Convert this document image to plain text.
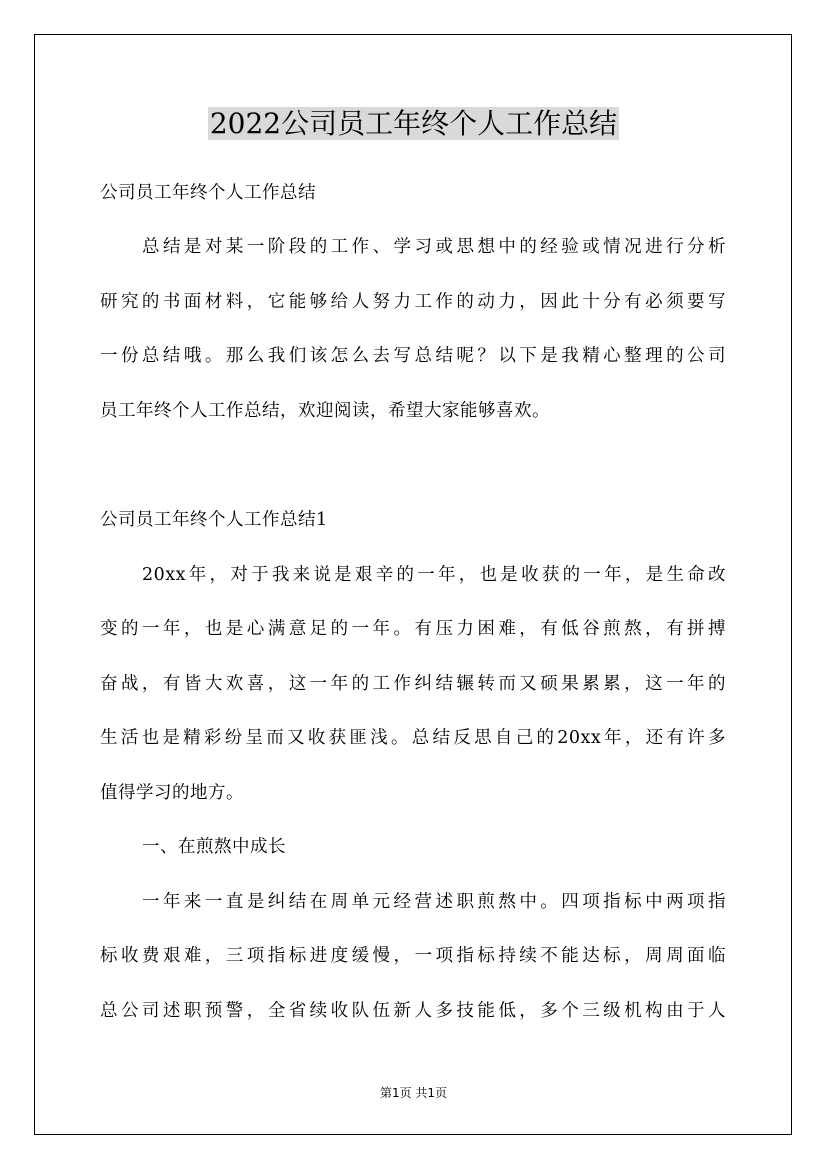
2022公司员工年终个人工作总结
公司员工年终个人工作总结
总结是对某一阶段的工作、学习或思想中的经验或情况进行分析
研究的书面材料，它能够给人努力工作的动力，因此十分有必须要写
一份总结哦。那么我们该怎么去写总结呢？以下是我精心整理的公司
员工年终个人工作总结，欢迎阅读，希望大家能够喜欢。
公司员工年终个人工作总结1
20xx年，对于我来说是艰辛的一年，也是收获的一年，是生命改
变的一年，也是心满意足的一年。有压力困难，有低谷煎熬，有拼搏
奋战，有皆大欢喜，这一年的工作纠结辗转而又硕果累累，这一年的
生活也是精彩纷呈而又收获匪浅。总结反思自己的20xx年，还有许多
值得学习的地方。
一、在煎熬中成长
一年来一直是纠结在周单元经营述职煎熬中。四项指标中两项指
标收费艰难，三项指标进度缓慢，一项指标持续不能达标，周周面临
总公司述职预警，全省续收队伍新人多技能低，多个三级机构由于人
第1页 共1页
